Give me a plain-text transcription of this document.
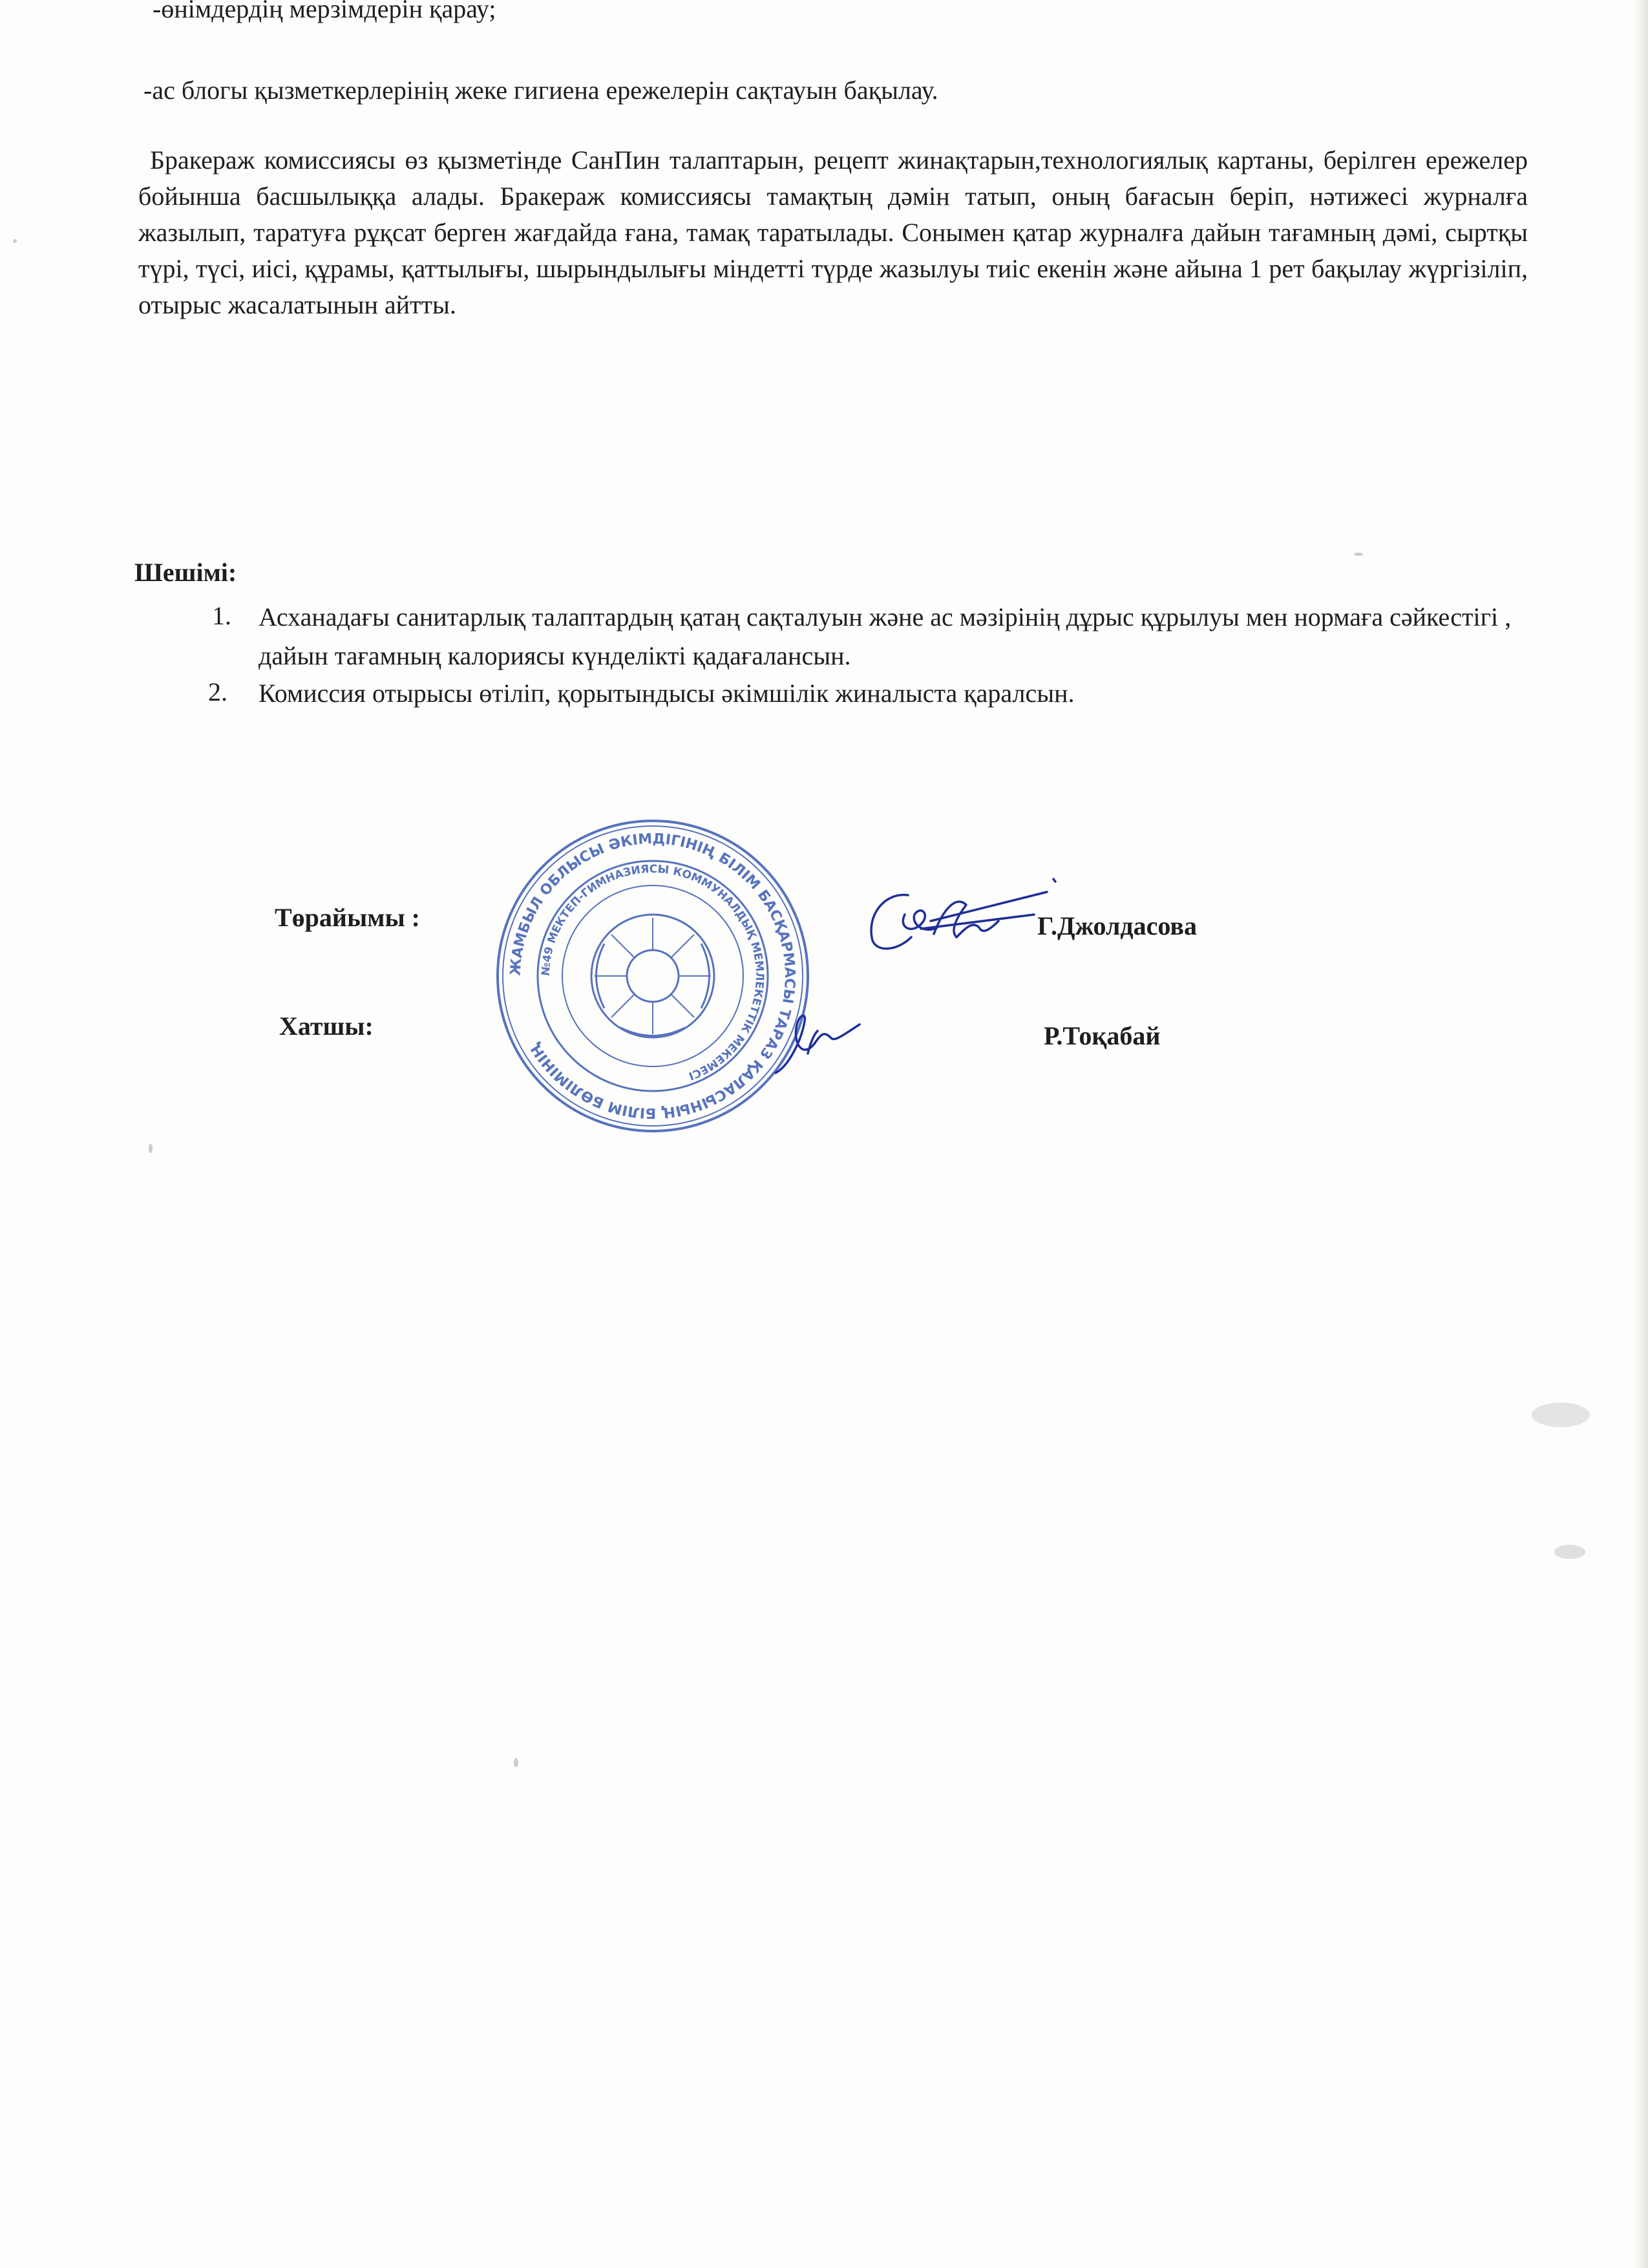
-өнімдердің мерзімдерін қарау;
-ас блогы қызметкерлерінің жеке гигиена ережелерін сақтауын бақылау.
Бракераж комиссиясы өз қызметінде СанПин талаптарын, рецепт жинақтарын,технологиялық картаны, берілген ережелер бойынша басшылыққа алады. Бракераж комиссиясы тамақтың дәмін татып, оның бағасын беріп, нәтижесі журналға жазылып, таратуға рұқсат берген жағдайда ғана, тамақ таратылады. Сонымен қатар журналға дайын тағамның дәмі, сыртқы түрі, түсі, иісі, құрамы, қаттылығы, шырындылығы міндетті түрде жазылуы тиіс екенін және айына 1 рет бақылау жүргізіліп, отырыс жасалатынын айтты.
Шешімі:
1. Асханадағы санитарлық талаптардың қатаң сақталуын және ас мәзірінің дұрыс құрылуы мен нормаға сәйкестігі , дайын тағамның калориясы күнделікті қадағалансын.
2. Комиссия отырысы өтіліп, қорытындысы әкімшілік жиналыста қаралсын.
Төрайымы :	Г.Джолдасова
Хатшы:	Р.Тоқабай
ЖАМБЫЛ ОБЛЫСЫ ӘКІМДІГІНІҢ БІЛІМ БАСҚАРМАСЫ ТАРАЗ ҚАЛАСЫНЫҢ БІЛІМ БӨЛІМІНІҢ
№49 МЕКТЕП-ГИМНАЗИЯСЫ КОММУНАЛДЫҚ МЕМЛЕКЕТТІК МЕКЕМЕСІ
